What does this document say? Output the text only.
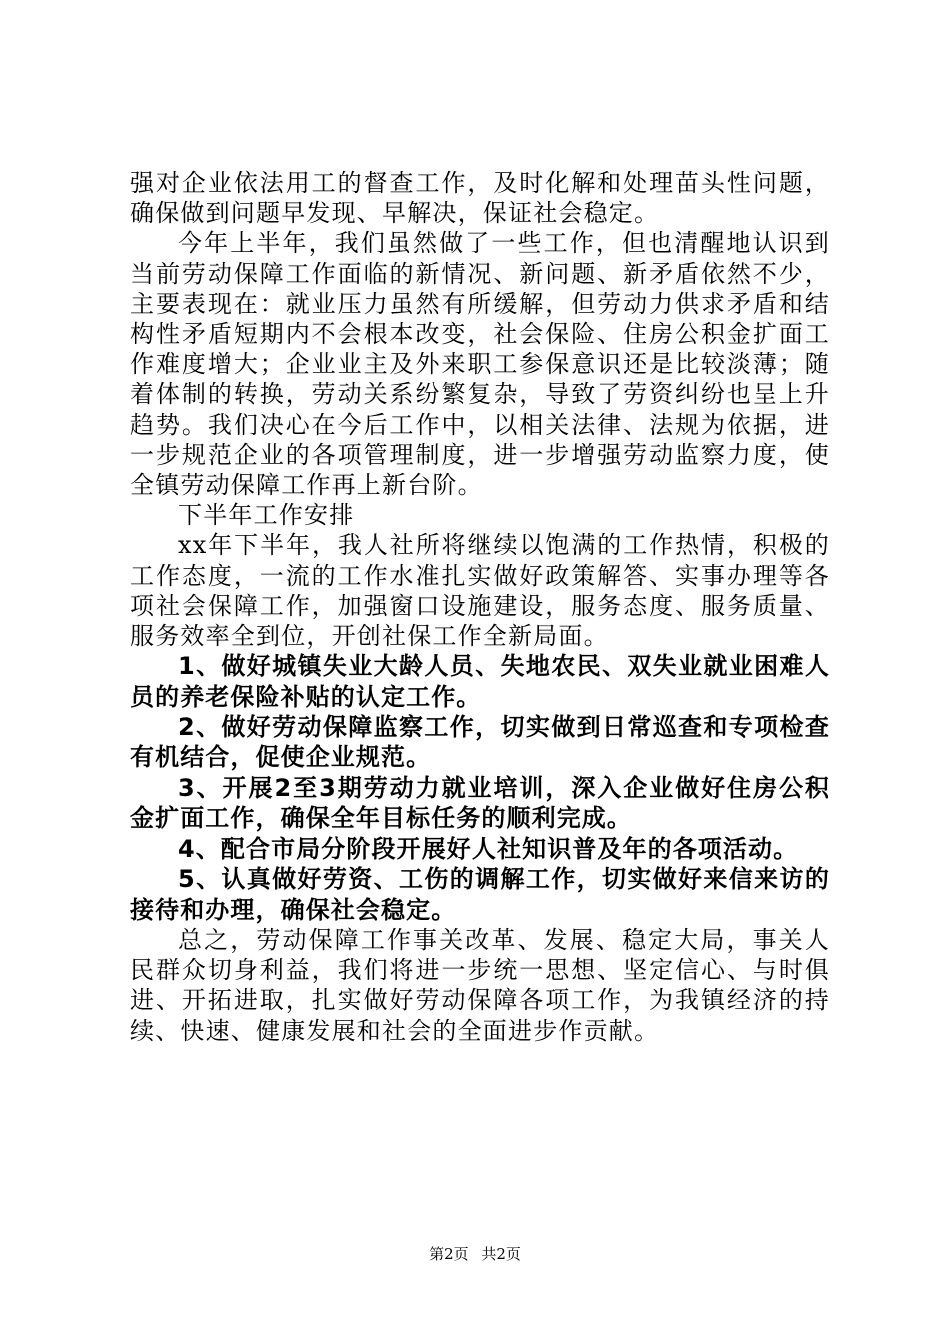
强对企业依法用工的督查工作，及时化解和处理苗头性问题，确保做到问题早发现、早解决，保证社会稳定。

今年上半年，我们虽然做了一些工作，但也清醒地认识到当前劳动保障工作面临的新情况、新问题、新矛盾依然不少，主要表现在：就业压力虽然有所缓解，但劳动力供求矛盾和结构性矛盾短期内不会根本改变，社会保险、住房公积金扩面工作难度增大；企业业主及外来职工参保意识还是比较淡薄；随着体制的转换，劳动关系纷繁复杂，导致了劳资纠纷也呈上升趋势。我们决心在今后工作中，以相关法律、法规为依据，进一步规范企业的各项管理制度，进一步增强劳动监察力度，使全镇劳动保障工作再上新台阶。

下半年工作安排

xx年下半年，我人社所将继续以饱满的工作热情，积极的工作态度，一流的工作水准扎实做好政策解答、实事办理等各项社会保障工作，加强窗口设施建设，服务态度、服务质量、服务效率全到位，开创社保工作全新局面。

1、做好城镇失业大龄人员、失地农民、双失业就业困难人员的养老保险补贴的认定工作。

2、做好劳动保障监察工作，切实做到日常巡查和专项检查有机结合，促使企业规范。

3、开展2至3期劳动力就业培训，深入企业做好住房公积金扩面工作，确保全年目标任务的顺利完成。

4、配合市局分阶段开展好人社知识普及年的各项活动。

5、认真做好劳资、工伤的调解工作，切实做好来信来访的接待和办理，确保社会稳定。

总之，劳动保障工作事关改革、发展、稳定大局，事关人民群众切身利益，我们将进一步统一思想、坚定信心、与时俱进、开拓进取，扎实做好劳动保障各项工作，为我镇经济的持续、快速、健康发展和社会的全面进步作贡献。

第2页 共2页
